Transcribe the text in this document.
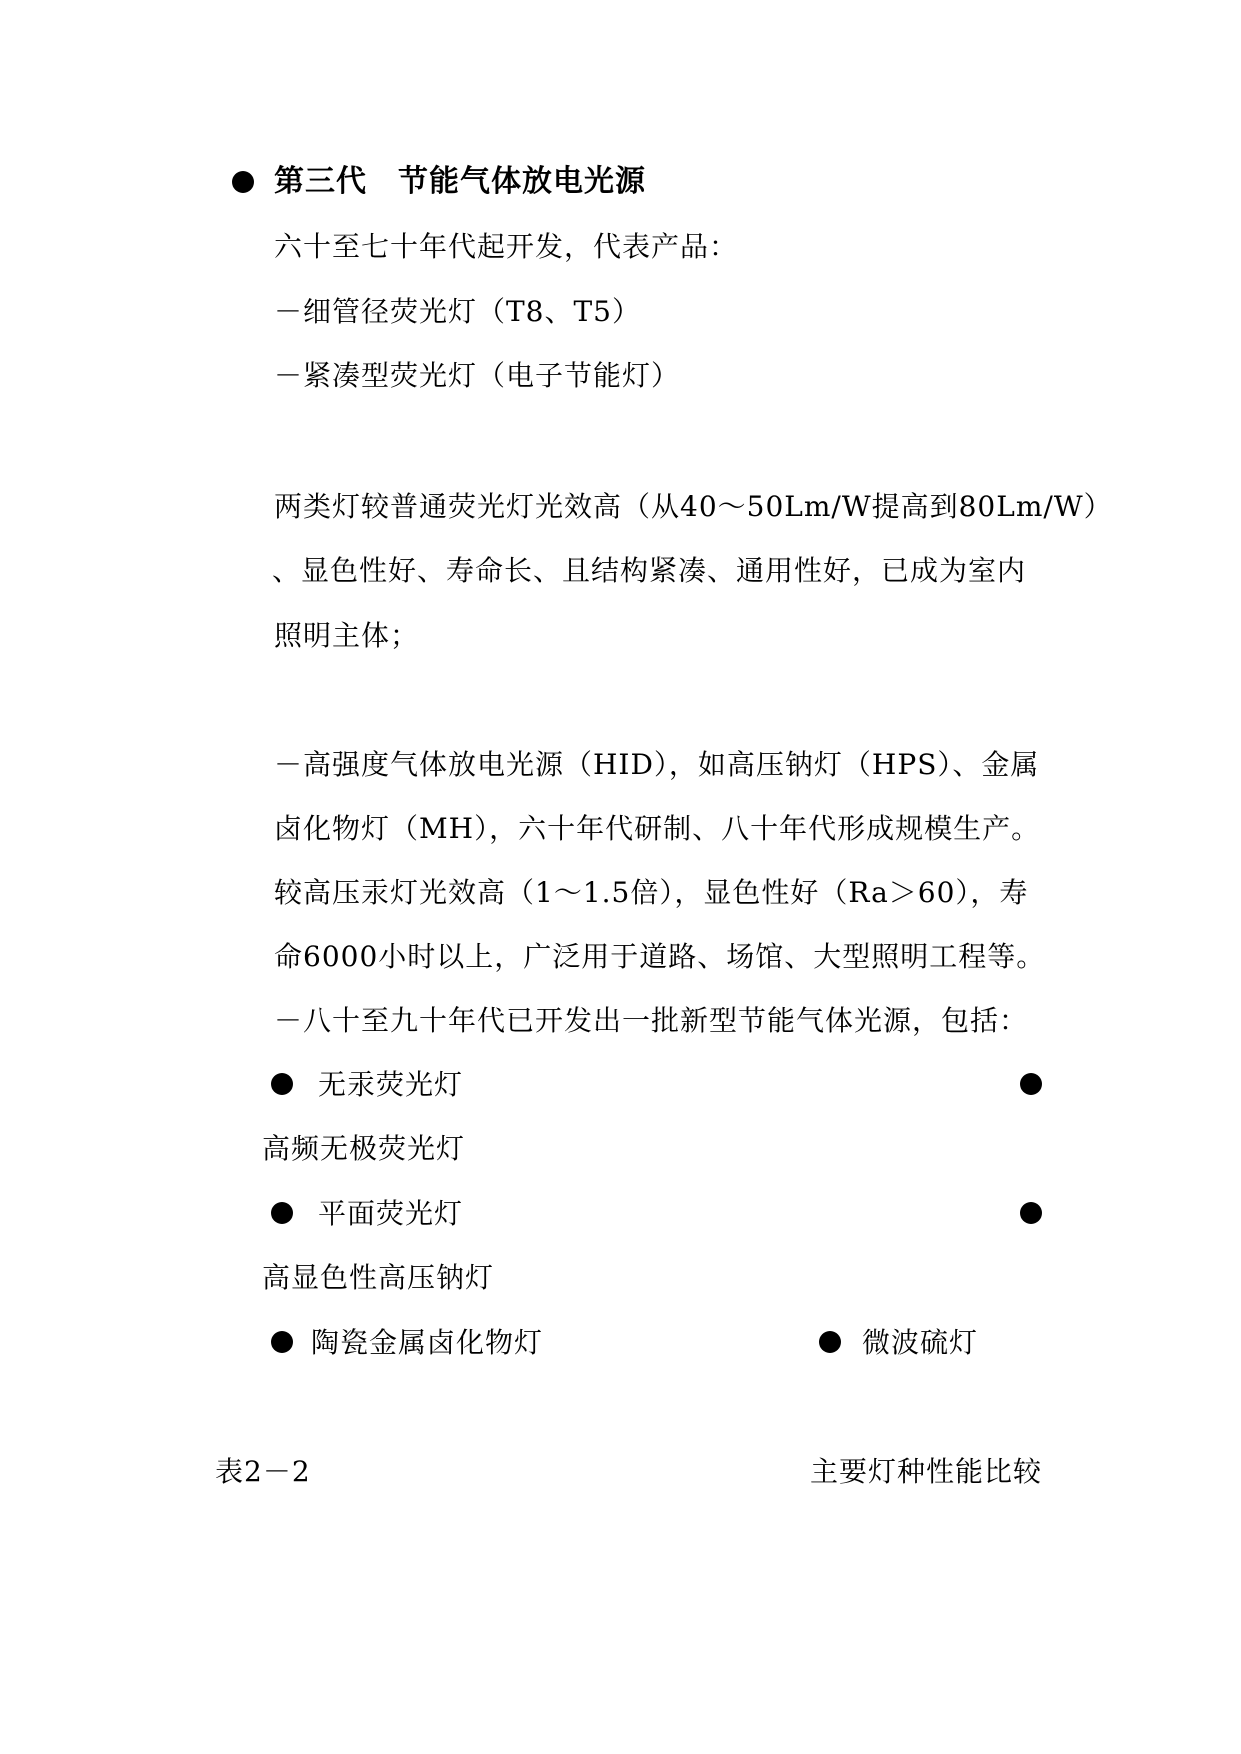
第三代　节能气体放电光源
六十至七十年代起开发，代表产品：
－细管径荧光灯（T8、T5）
－紧凑型荧光灯（电子节能灯）
两类灯较普通荧光灯光效高（从40～50Lm/W提高到80Lm/W）
、显色性好、寿命长、且结构紧凑、通用性好，已成为室内
照明主体；
－高强度气体放电光源（HID），如高压钠灯（HPS）、金属
卤化物灯（MH），六十年代研制、八十年代形成规模生产。
较高压汞灯光效高（1～1.5倍），显色性好（Ra＞60），寿
命6000小时以上，广泛用于道路、场馆、大型照明工程等。
－八十至九十年代已开发出一批新型节能气体光源，包括：
无汞荧光灯
高频无极荧光灯
平面荧光灯
高显色性高压钠灯
陶瓷金属卤化物灯	微波硫灯
表2－2	主要灯种性能比较
